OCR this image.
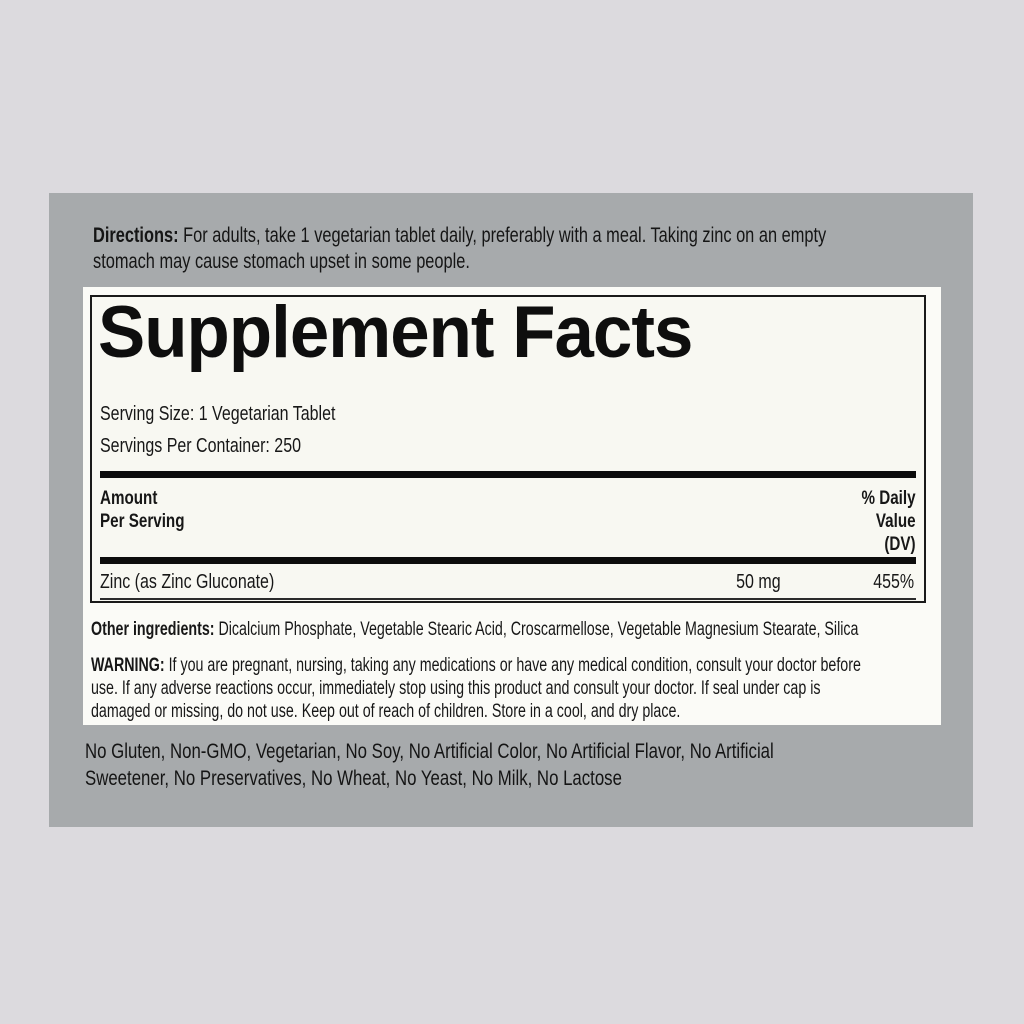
Directions: For adults, take 1 vegetarian tablet daily, preferably with a meal. Taking zinc on an empty
stomach may cause stomach upset in some people.
Supplement Facts
Serving Size: 1 Vegetarian Tablet
Servings Per Container: 250
Amount
Per Serving
% Daily
Value
(DV)
Zinc (as Zinc Gluconate)	50 mg	455%
Other ingredients: Dicalcium Phosphate, Vegetable Stearic Acid, Croscarmellose, Vegetable Magnesium Stearate, Silica
WARNING: If you are pregnant, nursing, taking any medications or have any medical condition, consult your doctor before
use. If any adverse reactions occur, immediately stop using this product and consult your doctor. If seal under cap is
damaged or missing, do not use. Keep out of reach of children. Store in a cool, and dry place.
No Gluten, Non-GMO, Vegetarian, No Soy, No Artificial Color, No Artificial Flavor, No Artificial
Sweetener, No Preservatives, No Wheat, No Yeast, No Milk, No Lactose
